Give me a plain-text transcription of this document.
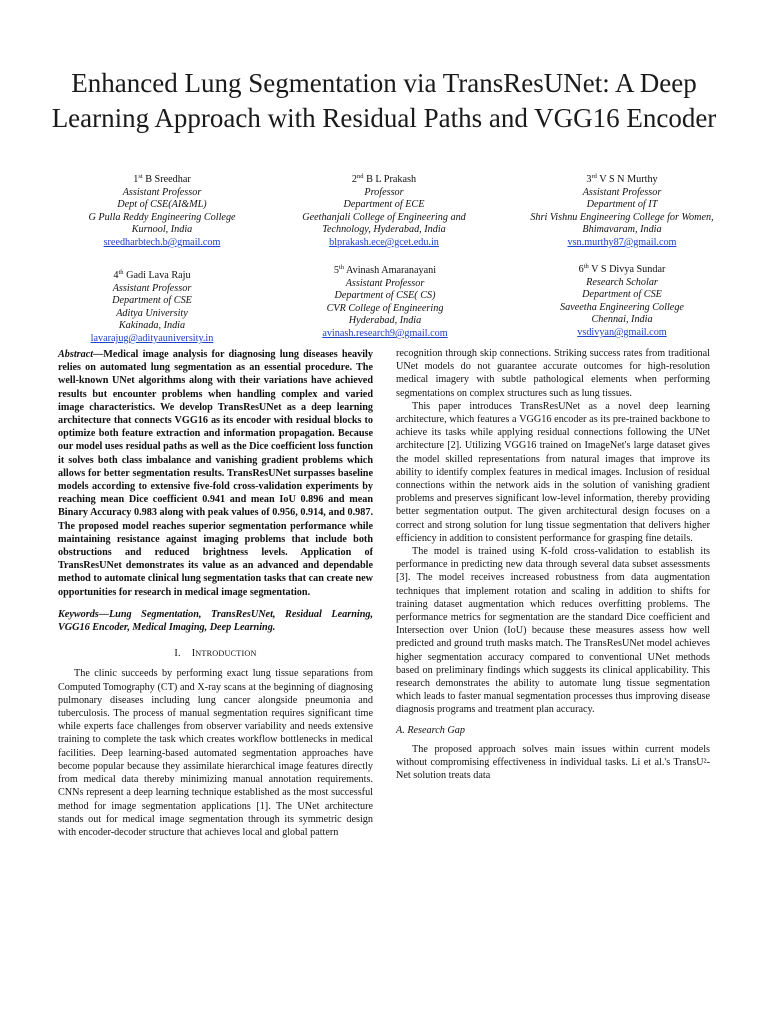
Enhanced Lung Segmentation via TransResUNet: A Deep Learning Approach with Residual Paths and VGG16 Encoder
1st B Sreedhar
Assistant Professor
Dept of CSE(AI&ML)
G Pulla Reddy Engineering College
Kurnool, India
sreedharbtech.b@gmail.com
2nd B L Prakash
Professor
Department of ECE
Geethanjali College of Engineering and Technology, Hyderabad, India
blprakash.ece@gcet.edu.in
3rd V S N Murthy
Assistant Professor
Department of IT
Shri Vishnu Engineering College for Women, Bhimavaram, India
vsn.murthy87@gmail.com
4th Gadi Lava Raju
Assistant Professor
Department of CSE
Aditya University
Kakinada, India
lavarajug@adityauniversity.in
5th Avinash Amaranayani
Assistant Professor
Department of CSE( CS)
CVR College of Engineering
Hyderabad, India
avinash.research9@gmail.com
6th V S Divya Sundar
Research Scholar
Department of CSE
Saveetha Engineering College
Chennai, India
vsdivyan@gmail.com

Abstract—Medical image analysis for diagnosing lung diseases heavily relies on automated lung segmentation as an essential procedure. The well-known UNet algorithms along with their variations have achieved results but encounter problems when handling complex and varied image characteristics. We develop TransResUNet as a deep learning architecture that connects VGG16 as its encoder with residual blocks to optimize both feature extraction and information propagation. Because our model uses residual paths as well as the Dice coefficient loss function it solves both class imbalance and vanishing gradient problems which allows for better segmentation results. TransResUNet surpasses baseline models according to extensive five-fold cross-validation experiments by reaching mean Dice coefficient 0.941 and mean IoU 0.896 and mean Binary Accuracy 0.983 along with peak values of 0.956, 0.914, and 0.987. The proposed model reaches superior segmentation performance while maintaining resistance against imaging problems that include both obstructions and reduced brightness levels. Application of TransResUNet demonstrates its value as an advanced and dependable method to automate clinical lung segmentation tasks that can create new opportunities for research in medical image segmentation.

Keywords—Lung Segmentation, TransResUNet, Residual Learning, VGG16 Encoder, Medical Imaging, Deep Learning.

I. INTRODUCTION

The clinic succeeds by performing exact lung tissue separations from Computed Tomography (CT) and X-ray scans at the beginning of diagnosing pulmonary diseases including lung cancer alongside pneumonia and tuberculosis. The process of manual segmentation requires significant time while experts face challenges from observer variability and needs extensive training to complete the task which creates workflow bottlenecks in medical facilities. Deep learning-based automated segmentation approaches have become popular because they assimilate hierarchical image features directly from medical data thereby minimizing manual annotation requirements. CNNs represent a deep learning technique established as the most successful method for image segmentation applications [1]. The UNet architecture stands out for medical image segmentation through its symmetric design with encoder-decoder structure that achieves local and global pattern

recognition through skip connections. Striking success rates from traditional UNet models do not guarantee accurate outcomes for high-resolution medical imagery with subtle pathological elements when performing segmentations on complex structures such as lung tissues.

This paper introduces TransResUNet as a novel deep learning architecture, which features a VGG16 encoder as its pre-trained backbone to achieve its tasks while applying residual connections following the UNet architecture [2]. Utilizing VGG16 trained on ImageNet's large dataset gives the model skilled representations from natural images that improve its ability to identify complex features in medical images. Inclusion of residual connections within the network aids in the solution of vanishing gradient problems and preserves significant low-level information, thereby providing better segmentation output. The given architectural design focuses on a correct and strong solution for lung tissue segmentation that delivers higher efficiency in addition to consistent performance for grasping fine details.

The model is trained using K-fold cross-validation to establish its performance in predicting new data through several data subset assessments [3]. The model receives increased robustness from data augmentation techniques that implement rotation and scaling in addition to shifts for training dataset augmentation which reduces overfitting problems. The performance metrics for segmentation are the standard Dice coefficient and Intersection over Union (IoU) because these measures assess how well predicted and ground truth masks match. The TransResUNet model achieves higher segmentation accuracy compared to conventional UNet methods based on preliminary findings which suggests its clinical applicability. This research demonstrates the ability to automate lung tissue segmentation which leads to faster manual segmentation processes thus improving disease diagnosis programs and treatment plan accuracy.

A. Research Gap

The proposed approach solves main issues within current models without compromising effectiveness in individual tasks. Li et al.'s TransU²-Net solution treats data
